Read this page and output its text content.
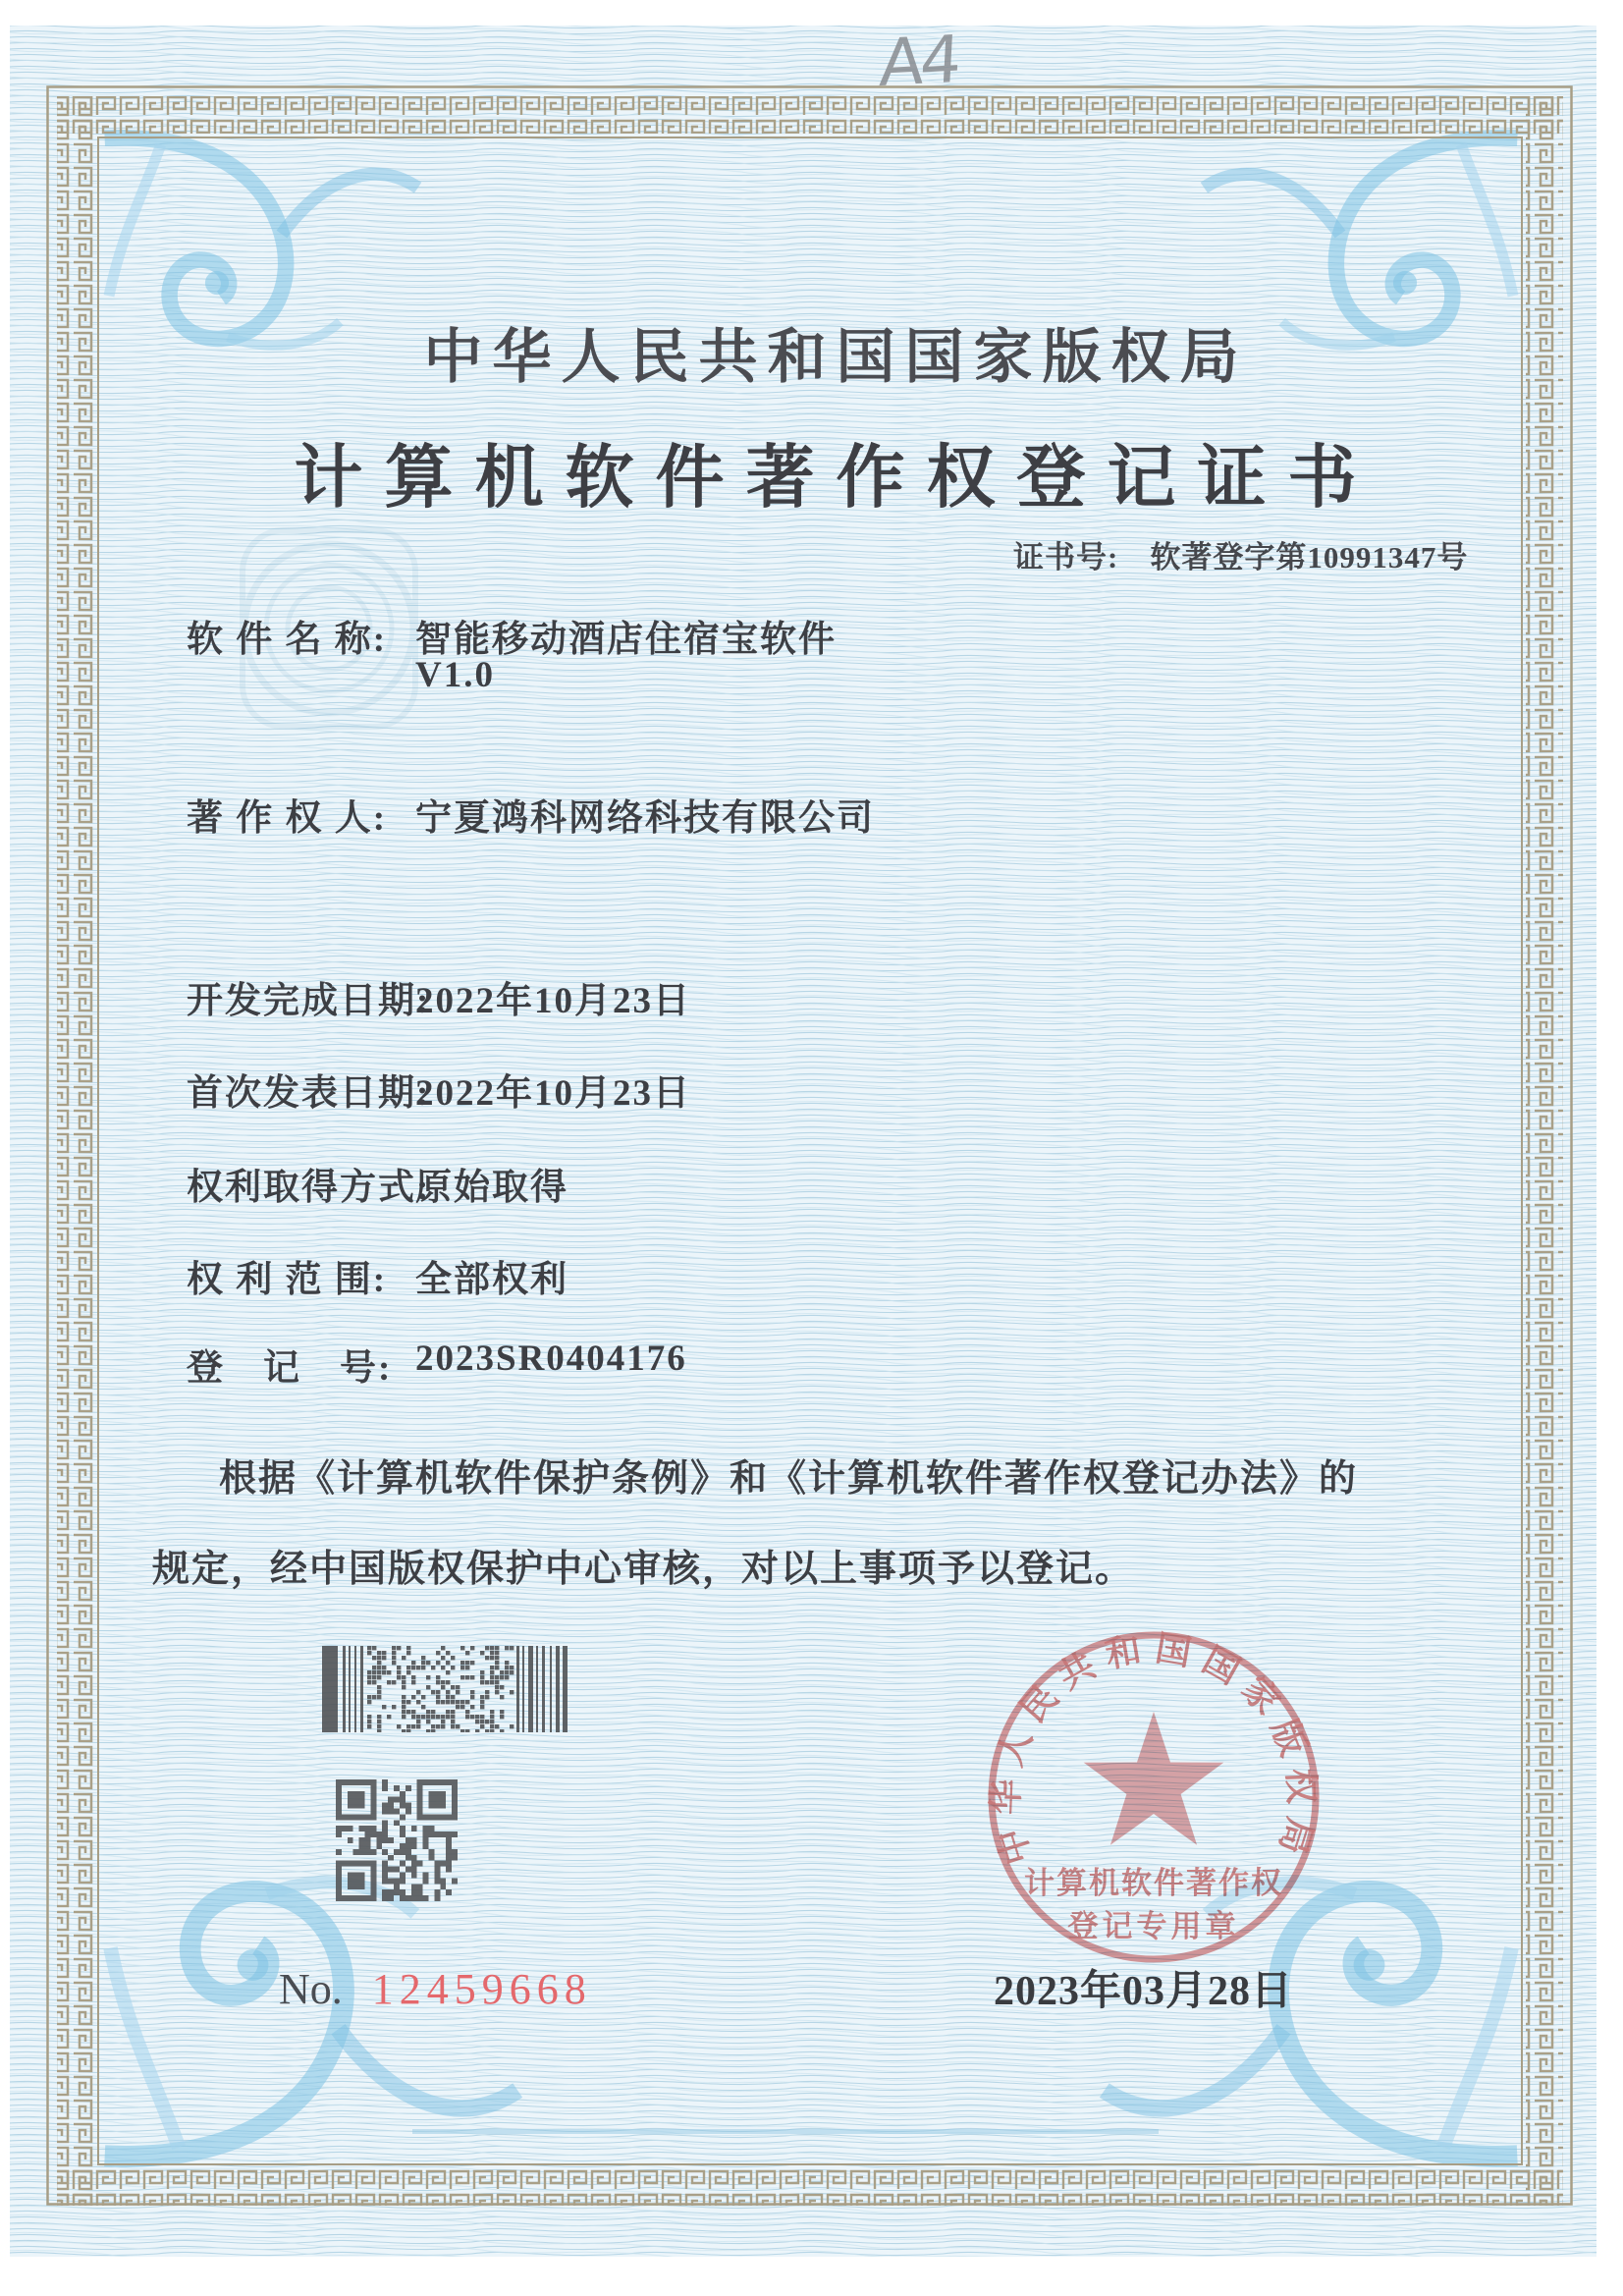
A4
中华人民共和国国家版权局
计算机软件著作权登记证书
证书号: 软著登字第10991347号
软 件 名 称: 智能移动酒店住宿宝软件
V1.0
著 作 权 人: 宁夏鸿科网络科技有限公司
开发完成日期:
2022年10月23日
首次发表日期:
2022年10月23日
权利取得方式:
原始取得
权 利 范 围: 全部权利
登　记　号: 2023SR0404176
根据《计算机软件保护条例》和《计算机软件著作权登记办法》的
规定，经中国版权保护中心审核，对以上事项予以登记。
No. 12459668
中华人民共和国国家版权局
计算机软件著作权
登记专用章
2023年03月28日
